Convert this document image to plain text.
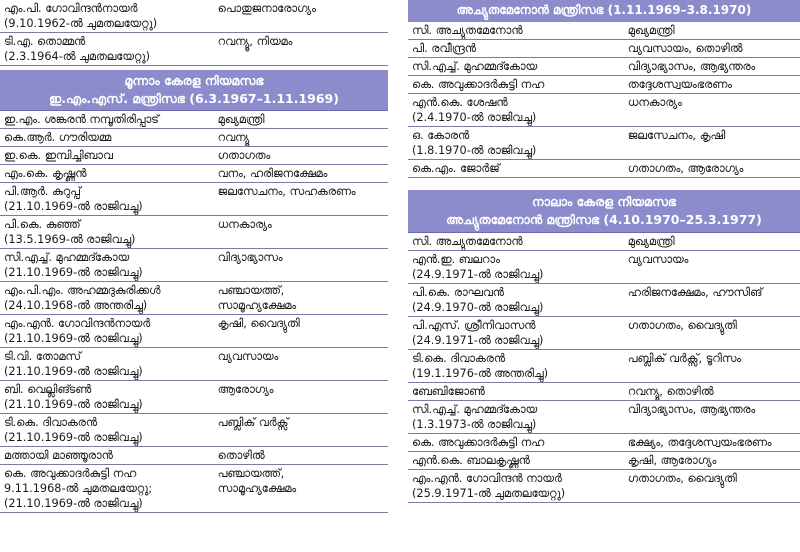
എം.പി. ഗോവിന്ദൻനായർ
(9.10.1962-ൽ ചുമതലയേറ്റു)	പൊതുജനാരോഗ്യം

ടി.എ. തൊമ്മൻ
(2.3.1964-ൽ ചുമതലയേറ്റു)	റവന്യൂ, നിയമം
മൂന്നാം കേരള നിയമസഭ
ഇ.എം.എസ്. മന്ത്രിസഭ (6.3.1967–1.11.1969)
ഇ.എം. ശങ്കരൻ നമ്പൂതിരിപ്പാട്	മുഖ്യമന്ത്രി

കെ.ആർ. ഗൗരിയമ്മ	റവന്യൂ

ഇ.കെ. ഇമ്പിച്ചിബാവ	ഗതാഗതം

എം.കെ. കൃഷ്ണൻ	വനം, ഹരിജനക്ഷേമം

പി.ആർ. കുറുപ്പ്
(21.10.1969-ൽ രാജിവച്ചു)	ജലസേചനം, സഹകരണം

പി.കെ. കുഞ്ഞ്
(13.5.1969-ൽ രാജിവച്ചു)	ധനകാര്യം

സി.എച്ച്. മുഹമ്മദ്കോയ
(21.10.1969-ൽ രാജിവച്ചു)	വിദ്യാഭ്യാസം

എം.പി.എം. അഹമ്മദുകുരിക്കൾ
(24.10.1968-ൽ അന്തരിച്ചു)	പഞ്ചായത്ത്,
സാമൂഹ്യക്ഷേമം

എം.എൻ. ഗോവിന്ദൻനായർ
(21.10.1969-ൽ രാജിവച്ചു)	കൃഷി, വൈദ്യുതി

ടി.വി. തോമസ്
(21.10.1969-ൽ രാജിവച്ചു)	വ്യവസായം

ബി. വെല്ലിങ്ടൺ
(21.10.1969-ൽ രാജിവച്ചു)	ആരോഗ്യം

ടി.കെ. ദിവാകരൻ
(21.10.1969-ൽ രാജിവച്ചു)	പബ്ലിക് വർക്സ്

മത്തായി മാഞ്ഞൂരാൻ	തൊഴിൽ

കെ. അവുക്കാദർകുട്ടി നഹ
9.11.1968-ൽ ചുമതലയേറ്റു;
(21.10.1969-ൽ രാജിവച്ചു)	പഞ്ചായത്ത്,
സാമൂഹ്യക്ഷേമം
അച്യുതമേനോൻ മന്ത്രിസഭ (1.11.1969–3.8.1970)
സി. അച്യുതമേനോൻ	മുഖ്യമന്ത്രി

പി. രവീന്ദ്രൻ	വ്യവസായം, തൊഴിൽ

സി.എച്ച്. മുഹമ്മദ്കോയ	വിദ്യാഭ്യാസം, ആഭ്യന്തരം

കെ. അവുക്കാദർകുട്ടി നഹ	തദ്ദേശസ്വയംഭരണം

എൻ.കെ. ശേഷൻ
(2.4.1970-ൽ രാജിവച്ചു)	ധനകാര്യം

ഒ. കോരൻ
(1.8.1970-ൽ രാജിവച്ചു)	ജലസേചനം, കൃഷി

കെ.എം. ജോർജ്	ഗതാഗതം, ആരോഗ്യം
നാലാം കേരള നിയമസഭ
അച്യുതമേനോൻ മന്ത്രിസഭ (4.10.1970–25.3.1977)
സി. അച്യുതമേനോൻ	മുഖ്യമന്ത്രി

എൻ.ഇ. ബലറാം
(24.9.1971-ൽ രാജിവച്ചു)	വ്യവസായം

പി.കെ. രാഘവൻ
(24.9.1970-ൽ രാജിവച്ചു)	ഹരിജനക്ഷേമം, ഹൗസിങ്

പി.എസ്. ശ്രീനിവാസൻ
(24.9.1971-ൽ രാജിവച്ചു)	ഗതാഗതം, വൈദ്യുതി

ടി.കെ. ദിവാകരൻ
(19.1.1976-ൽ അന്തരിച്ചു)	പബ്ലിക് വർക്സ്, ടൂറിസം

ബേബിജോൺ	റവന്യൂ, തൊഴിൽ

സി.എച്ച്. മുഹമ്മദ്കോയ
(1.3.1973-ൽ രാജിവച്ചു)	വിദ്യാഭ്യാസം, ആഭ്യന്തരം

കെ. അവുക്കാദർകുട്ടി നഹ	ഭക്ഷ്യം, തദ്ദേശസ്വയംഭരണം

എൻ.കെ. ബാലകൃഷ്ണൻ	കൃഷി, ആരോഗ്യം

എം.എൻ. ഗോവിന്ദൻ നായർ
(25.9.1971-ൽ ചുമതലയേറ്റു)	ഗതാഗതം, വൈദ്യുതി
